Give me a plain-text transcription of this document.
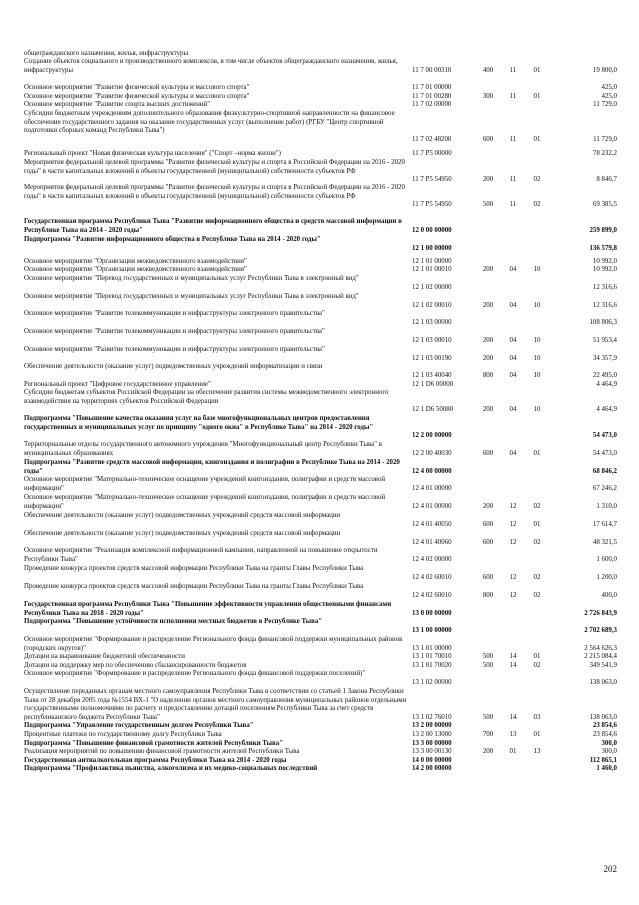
общегражданского назначения, жилья, инфраструктуры
Создание объектов социального и производственного комплексов, в том числе объектов общегражданского назначения, жилья, инфраструктуры	11 7 00 00310	400	11	01	19 800,0
Основное мероприятие "Развитие физической культуры и массового спорта"	11 7 01 00000	425,0
Основное мероприятие "Развитие физической культуры и массового спорта"	11 7 01 00280	300	11	01	425,0
Основное мероприятие "Развитие спорта высших достижений"	11 7 02 00000	11 729,0
Субсидии бюджетным учреждениям дополнительного образования физкультурно-спортивной направленности на финансовое обеспечение государственного задания на оказание государственных услуг (выполнение работ) (РГБУ "Центр спортивной подготовки сборных команд Республики Тыва")
11 7 02 48200	600	11	01	11 729,0
Региональный проект "Новая физическая культура населения" ("Спорт –норма жизни")	11 7 P5 00000	78 232,2
Мероприятия федеральной целевой программы "Развитие физической культуры и спорта в Российской Федерации на 2016 - 2020 годы" в части капитальных вложений в объекты государственной (муниципальной) собственности субъектов РФ
11 7 P5 54950	200	11	02	8 846,7
Мероприятия федеральной целевой программы "Развитие физической культуры и спорта в Российской Федерации на 2016 - 2020 годы" в части капитальных вложений в объекты государственной (муниципальной) собственности субъектов РФ
11 7 P5 54950	500	11	02	69 385,5
Государственная программа Республики Тыва "Развитие информационного общества и средств массовой информации в Республике Тыва на 2014 - 2020 годы"	12 0 00 00000	259 899,0
Подпрограмма "Развитие информационного общества в Республике Тыва на 2014 - 2020 годы"
12 1 00 00000	136 579,8
Основное мероприятие "Организация межведомственного взаимодействия"	12 1 01 00000	10 992,0
Основное мероприятие "Организация межведомственного взаимодействия"	12 1 01 00010	200	04	10	10 992,0
Основное мероприятие "Перевод государственных и муниципальных услуг Республики Тыва в электронный вид"
12 1 02 00000	12 316,6
Основное мероприятие "Перевод государственных и муниципальных услуг Республики Тыва в электронный вид"
12 1 02 00010	200	04	10	12 316,6
Основное мероприятие "Развитие телекоммуникации и инфраструктуры электронного правительства"
12 1 03 00000	108 806,3
Основное мероприятие "Развитие телекоммуникации и инфраструктуры электронного правительства"
12 1 03 00010	200	04	10	51 953,4
Основное мероприятие "Развитие телекоммуникации и инфраструктуры электронного правительства"
12 1 03 00190	200	04	10	34 357,9
Обеспечение деятельности (оказание услуг) подведомственных учреждений информатизации и связи
12 1 03 40040	800	04	10	22 495,0
Региональный проект "Цифровое государственное управление"	12 1 D6 00000	4 464,9
Субсидии бюджетам субъектов Российской Федерации на обеспечение развития системы межведомственного электронного взаимодействия на территориях субъектов Российской Федерации
12 1 D6 50080	200	04	10	4 464,9
Подпрограмма "Повышение качества оказания услуг на базе многофункциональных центров предоставления государственных и муниципальных услуг по принципу "одного окна" в Республике Тыва" на 2014 - 2020 годы"
12 2 00 00000	54 473,0
Территориальные отделы государственного автономного учреждения "Многофункциональный центр Республики Тыва" в муниципальных образованиях	12 2 00 40030	600	04	01	54 473,0
Подпрограмма "Развитие средств массовой информации, книгоиздания и полиграфии в Республике Тыва на 2014 - 2020 годы"	12 4 00 00000	68 846,2
Основное мероприятие "Материально-техническое оснащение учреждений книгоиздания, полиграфии и средств массовой информации"	12 4 01 00000	67 246,2
Основное мероприятие "Материально-техническое оснащение учреждений книгоиздания, полиграфии и средств массовой информации"	12 4 01 00000	200	12	02	1 310,0
Обеспечение деятельности (оказание услуг) подведомственных учреждений средств массовой информации
12 4 01 40050	600	12	01	17 614,7
Обеспечение деятельности (оказание услуг) подведомственных учреждений средств массовой информации
12 4 01 40060	600	12	02	48 321,5
Основное мероприятие "Реализация комплексной информационной кампании, направленной на повышение открытости Республики Тыва"	12 4 02 00000	1 600,0
Проведение конкурса проектов средств массовой информации Республики Тыва на гранты Главы Республики Тыва
12 4 02 60010	600	12	02	1 200,0
Проведение конкурса проектов средств массовой информации Республики Тыва на гранты Главы Республики Тыва
12 4 02 60010	800	12	02	400,0
Государственная программа Республики Тыва "Повышение эффективности управления общественными финансами Республики Тыва на 2018 - 2020 годы"	13 0 00 00000	2 726 843,9
Подпрограмма "Повышение устойчивости исполнения местных бюджетов в Республике Тыва"
13 1 00 00000	2 702 689,3
Основное мероприятие "Формирование и распределение Регионального фонда финансовой поддержки муниципальных районов (городских округов)"	13 1 01 00000	2 564 626,3
Дотации на выравнивание бюджетной обеспеченности	13 1 01 70010	500	14	01	2 215 084,4
Дотации на поддержку мер по обеспечению сбалансированности бюджетов	13 1 01 70020	500	14	02	349 541,9
Основное мероприятие "Формирование и распределение Регионального фонда финансовой поддержки поселений)"
13 1 02 00000	138 063,0
Осуществление переданных органам местного самоуправления Республики Тыва в соответствии со статьей 1 Закона Республики Тыва от 28 декабря 2005 года №1554 ВХ-1 "О наделении органов местного самоуправления муниципальных районов отдельными государственными полномочиями по расчету и предоставлению дотаций поселениям Республики Тыва за счет средств республиканского бюджета Республики Тыва"	13 1 02 76010	500	14	03	138 063,0
Подпрограмма "Управление государственным долгом Республики Тыва"	13 2 00 00000	23 854,6
Процентные платежи по государственному долгу Республики Тыва	13 2 00 13000	700	13	01	23 854,6
Подпрограмма "Повышение финансовой грамотности жителей Республики Тыва"	13 3 00 00000	300,0
Реализация мероприятий по повышению финансовой грамотности жителей Республики Тыва	13 3 00 00130	200	01	13	300,0
Государственная антиалкогольная программа Республики Тыва на 2014 - 2020 годы	14 0 00 00000	112 865,1
Подпрограмма "Профилактика пьянства, алкоголизма и их медико-социальных последствий	14 2 00 00000	1 460,0
202
